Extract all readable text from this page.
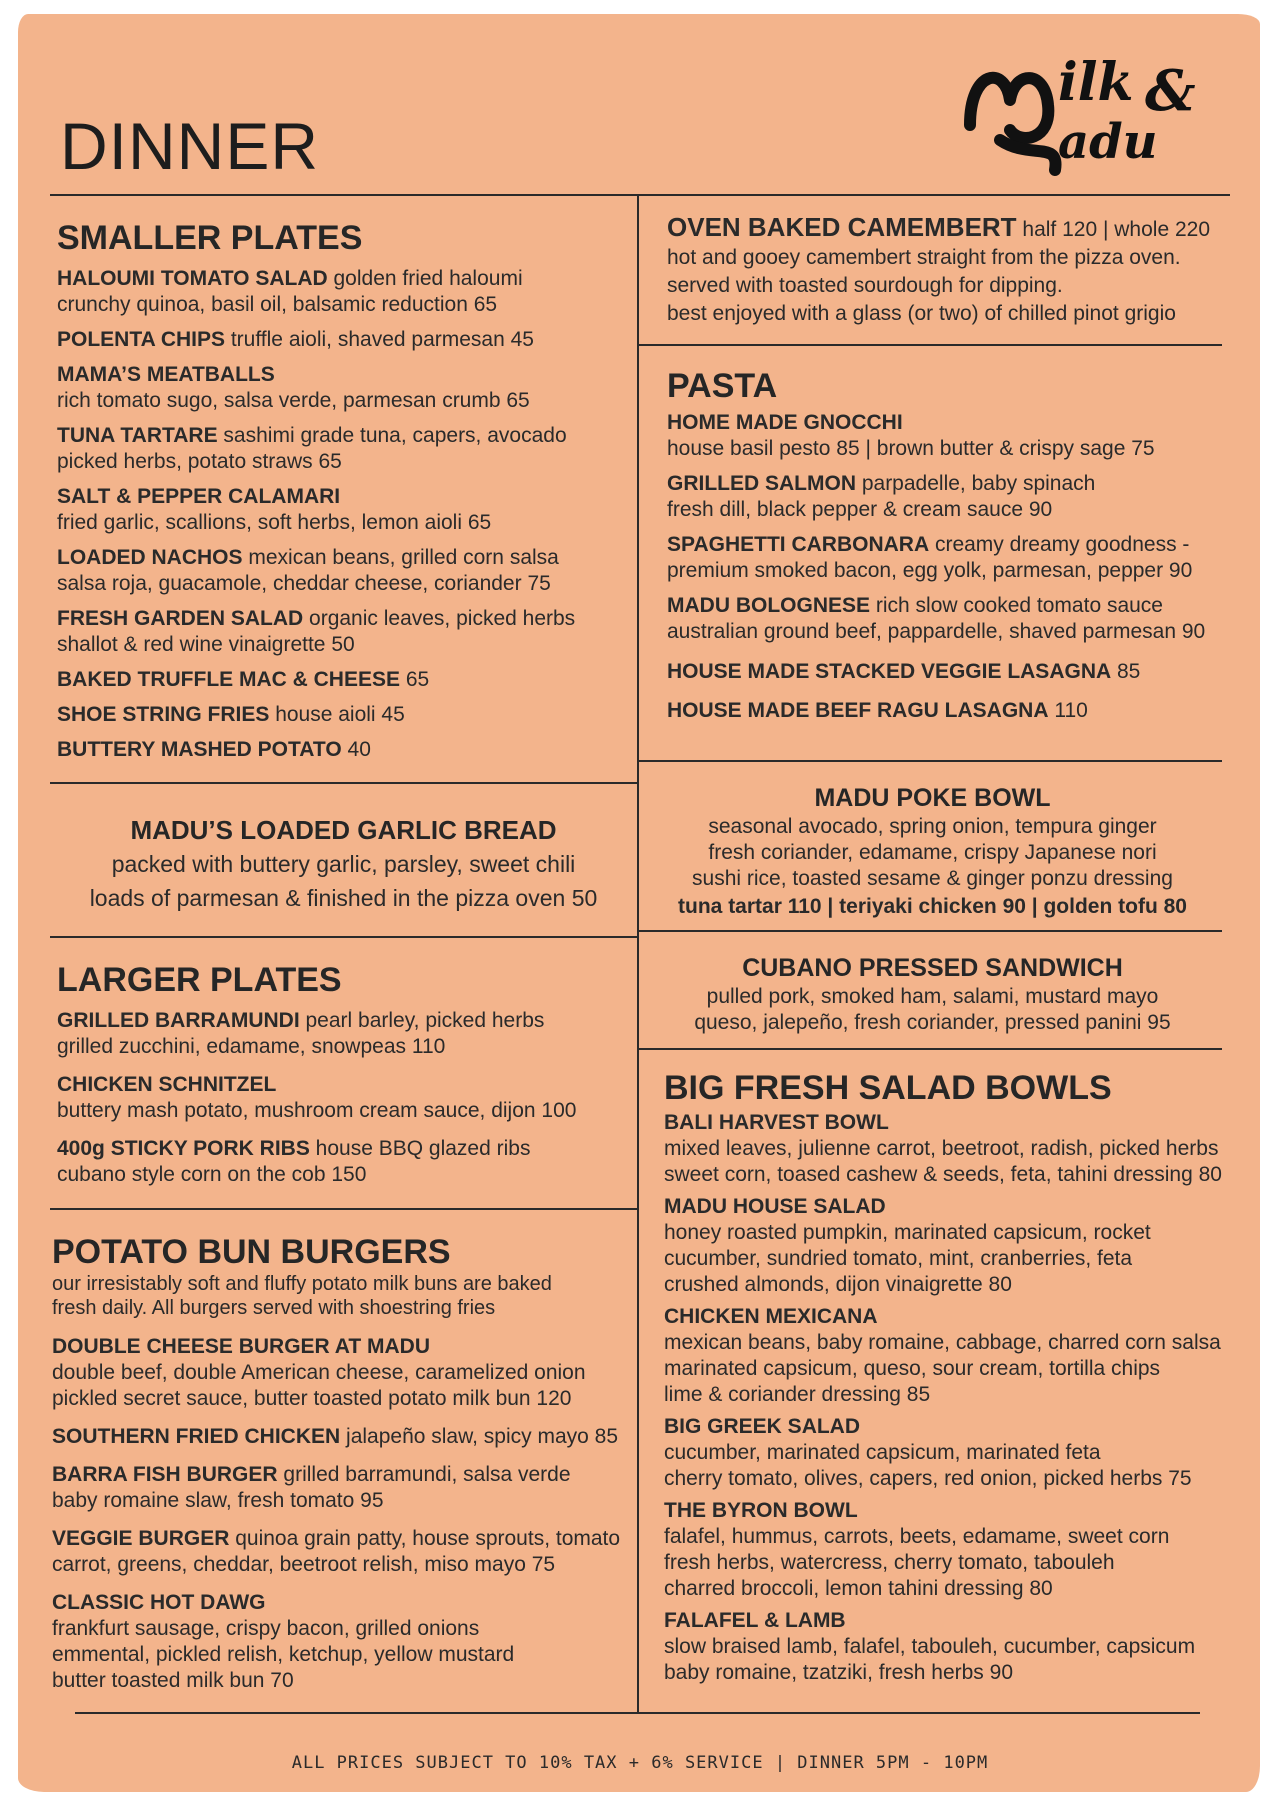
DINNER
ilk
adu
&
SMALLER PLATES
HALOUMI TOMATO SALAD golden fried haloumi
crunchy quinoa, basil oil, balsamic reduction 65
POLENTA CHIPS truffle aioli, shaved parmesan 45
MAMA’S MEATBALLS
rich tomato sugo, salsa verde, parmesan crumb 65
TUNA TARTARE sashimi grade tuna, capers, avocado
picked herbs, potato straws 65
SALT & PEPPER CALAMARI
fried garlic, scallions, soft herbs, lemon aioli 65
LOADED NACHOS mexican beans, grilled corn salsa
salsa roja, guacamole, cheddar cheese, coriander 75
FRESH GARDEN SALAD organic leaves, picked herbs
shallot & red wine vinaigrette 50
BAKED TRUFFLE MAC & CHEESE 65
SHOE STRING FRIES house aioli 45
BUTTERY MASHED POTATO 40
MADU’S LOADED GARLIC BREAD
packed with buttery garlic, parsley, sweet chili
loads of parmesan & finished in the pizza oven 50
LARGER PLATES
GRILLED BARRAMUNDI pearl barley, picked herbs
grilled zucchini, edamame, snowpeas 110
CHICKEN SCHNITZEL
buttery mash potato, mushroom cream sauce, dijon 100
400g STICKY PORK RIBS house BBQ glazed ribs
cubano style corn on the cob 150
POTATO BUN BURGERS
our irresistably soft and fluffy potato milk buns are baked
fresh daily. All burgers served with shoestring fries
DOUBLE CHEESE BURGER AT MADU
double beef, double American cheese, caramelized onion
pickled secret sauce, butter toasted potato milk bun 120
SOUTHERN FRIED CHICKEN jalapeño slaw, spicy mayo 85
BARRA FISH BURGER grilled barramundi, salsa verde
baby romaine slaw, fresh tomato 95
VEGGIE BURGER quinoa grain patty, house sprouts, tomato
carrot, greens, cheddar, beetroot relish, miso mayo 75
CLASSIC HOT DAWG
frankfurt sausage, crispy bacon, grilled onions
emmental, pickled relish, ketchup, yellow mustard
butter toasted milk bun 70
OVEN BAKED CAMEMBERT half 120 | whole 220
hot and gooey camembert straight from the pizza oven.
served with toasted sourdough for dipping.
best enjoyed with a glass (or two) of chilled pinot grigio
PASTA
HOME MADE GNOCCHI
house basil pesto 85 | brown butter & crispy sage 75
GRILLED SALMON parpadelle, baby spinach
fresh dill, black pepper & cream sauce 90
SPAGHETTI CARBONARA creamy dreamy goodness -
premium smoked bacon, egg yolk, parmesan, pepper 90
MADU BOLOGNESE rich slow cooked tomato sauce
australian ground beef, pappardelle, shaved parmesan 90
HOUSE MADE STACKED VEGGIE LASAGNA 85
HOUSE MADE BEEF RAGU LASAGNA 110
MADU POKE BOWL
seasonal avocado, spring onion, tempura ginger
fresh coriander, edamame, crispy Japanese nori
sushi rice, toasted sesame & ginger ponzu dressing
tuna tartar 110 | teriyaki chicken 90 | golden tofu 80
CUBANO PRESSED SANDWICH
pulled pork, smoked ham, salami, mustard mayo
queso, jalepeño, fresh coriander, pressed panini 95
BIG FRESH SALAD BOWLS
BALI HARVEST BOWL
mixed leaves, julienne carrot, beetroot, radish, picked herbs
sweet corn, toased cashew & seeds, feta, tahini dressing 80
MADU HOUSE SALAD
honey roasted pumpkin, marinated capsicum, rocket
cucumber, sundried tomato, mint, cranberries, feta
crushed almonds, dijon vinaigrette 80
CHICKEN MEXICANA
mexican beans, baby romaine, cabbage, charred corn salsa
marinated capsicum, queso, sour cream, tortilla chips
lime & coriander dressing 85
BIG GREEK SALAD
cucumber, marinated capsicum, marinated feta
cherry tomato, olives, capers, red onion, picked herbs 75
THE BYRON BOWL
falafel, hummus, carrots, beets, edamame, sweet corn
fresh herbs, watercress, cherry tomato, tabouleh
charred broccoli, lemon tahini dressing 80
FALAFEL & LAMB
slow braised lamb, falafel, tabouleh, cucumber, capsicum
baby romaine, tzatziki, fresh herbs 90
ALL PRICES SUBJECT TO 10% TAX + 6% SERVICE | DINNER 5PM - 10PM
